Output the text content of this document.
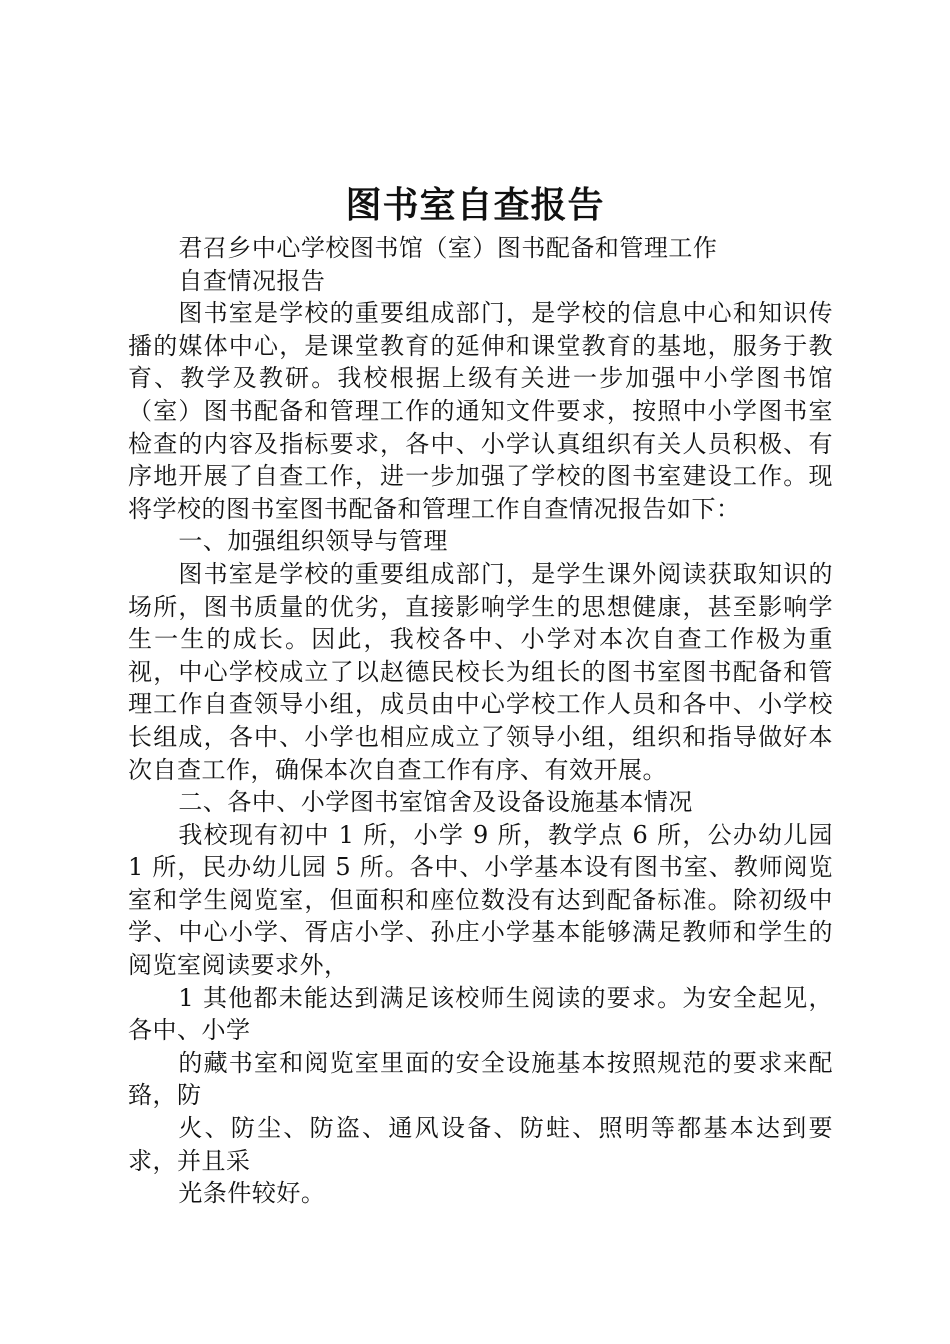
图书室自查报告

君召乡中心学校图书馆（室）图书配备和管理工作

自查情况报告

图书室是学校的重要组成部门，是学校的信息中心和知识传播的媒体中心，是课堂教育的延伸和课堂教育的基地，服务于教育、教学及教研。我校根据上级有关进一步加强中小学图书馆（室）图书配备和管理工作的通知文件要求，按照中小学图书室检查的内容及指标要求，各中、小学认真组织有关人员积极、有序地开展了自查工作，进一步加强了学校的图书室建设工作。现将学校的图书室图书配备和管理工作自查情况报告如下：

一、加强组织领导与管理

图书室是学校的重要组成部门，是学生课外阅读获取知识的场所，图书质量的优劣，直接影响学生的思想健康，甚至影响学生一生的成长。因此，我校各中、小学对本次自查工作极为重视，中心学校成立了以赵德民校长为组长的图书室图书配备和管理工作自查领导小组，成员由中心学校工作人员和各中、小学校长组成，各中、小学也相应成立了领导小组，组织和指导做好本次自查工作，确保本次自查工作有序、有效开展。

二、各中、小学图书室馆舍及设备设施基本情况

我校现有初中 1 所，小学 9 所，教学点 6 所，公办幼儿园 1 所，民办幼儿园 5 所。各中、小学基本设有图书室、教师阅览室和学生阅览室，但面积和座位数没有达到配备标准。除初级中学、中心小学、胥店小学、孙庄小学基本能够满足教师和学生的阅览室阅读要求外，

1 其他都未能达到满足该校师生阅读的要求。为安全起见，各中、小学

的藏书室和阅览室里面的安全设施基本按照规范的要求来配臵，防

火、防尘、防盗、通风设备、防蛀、照明等都基本达到要求，并且采

光条件较好。
